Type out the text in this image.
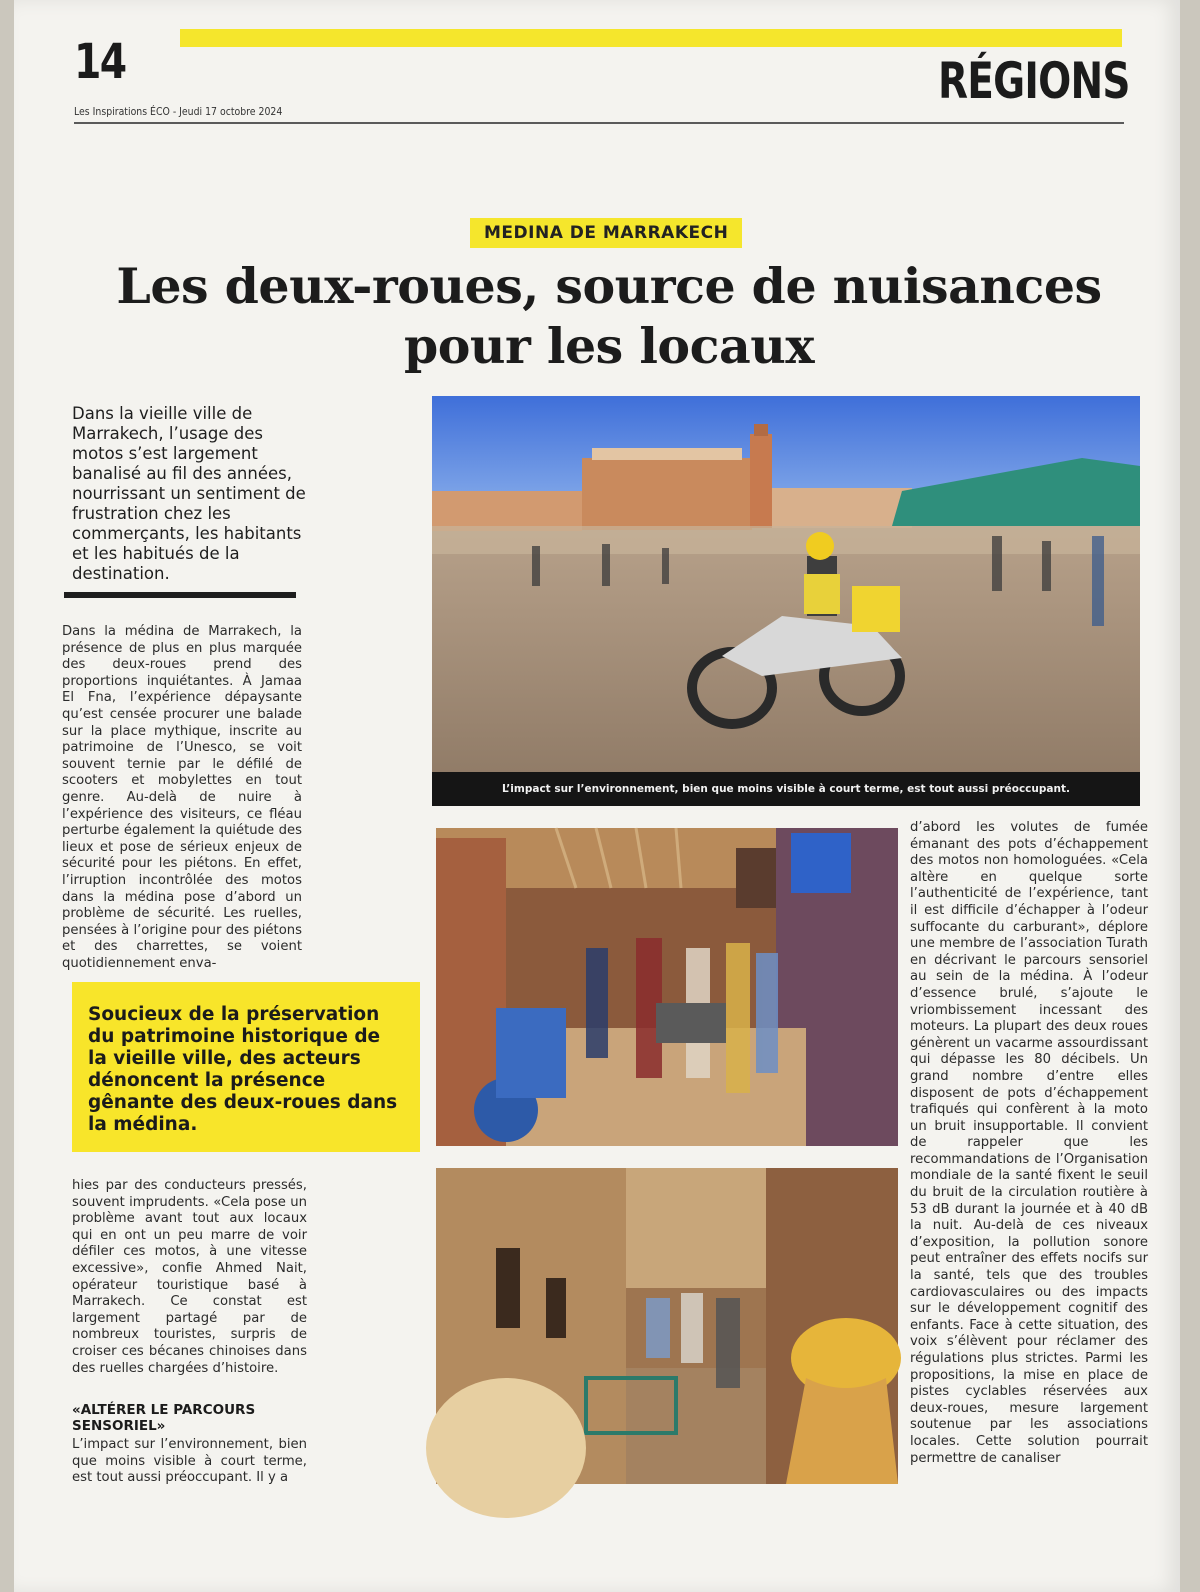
14	RÉGIONS
Les Inspirations ÉCO - Jeudi 17 octobre 2024
MEDINA DE MARRAKECH
Les deux-roues, source de nuisances pour les locaux
Dans la vieille ville de Marrakech, l’usage des motos s’est largement banalisé au fil des années, nourrissant un sentiment de frustration chez les commerçants, les habitants et les habitués de la destination.
Dans la médina de Marrakech, la présence de plus en plus marquée des deux-roues prend des proportions inquiétantes. À Jamaa El Fna, l’expérience dépaysante qu’est censée procurer une balade sur la place mythique, inscrite au patrimoine de l’Unesco, se voit souvent ternie par le défilé de scooters et mobylettes en tout genre. Au-delà de nuire à l’expérience des visiteurs, ce fléau perturbe également la quiétude des lieux et pose de sérieux enjeux de sécurité pour les piétons. En effet, l’irruption incontrôlée des motos dans la médina pose d’abord un problème de sécurité. Les ruelles, pensées à l’origine pour des piétons et des charrettes, se voient quotidiennement enva-

Soucieux de la préservation du patrimoine historique de la vieille ville, des acteurs dénoncent la présence gênante des deux-roues dans la médina.

hies par des conducteurs pressés, souvent imprudents. «Cela pose un problème avant tout aux locaux qui en ont un peu marre de voir défiler ces motos, à une vitesse excessive», confie Ahmed Nait, opérateur touristique basé à Marrakech. Ce constat est largement partagé par de nombreux touristes, surpris de croiser ces bécanes chinoises dans des ruelles chargées d’histoire.
«ALTÉRER LE PARCOURS SENSORIEL»
L’impact sur l’environnement, bien que moins visible à court terme, est tout aussi préoccupant. Il y a
d’abord les volutes de fumée émanant des pots d’échappement des motos non homologuées. «Cela altère en quelque sorte l’authenticité de l’expérience, tant il est difficile d’échapper à l’odeur suffocante du carburant», déplore une membre de l’association Turath en décrivant le parcours sensoriel au sein de la médina. À l’odeur d’essence brulé, s’ajoute le vriombissement incessant des moteurs. La plupart des deux roues génèrent un vacarme assourdissant qui dépasse les 80 décibels. Un grand nombre d’entre elles disposent de pots d’échappement trafiqués qui confèrent à la moto un bruit insupportable. Il convient de rappeler que les recommandations de l’Organisation mondiale de la santé fixent le seuil du bruit de la circulation routière à 53 dB durant la journée et à 40 dB la nuit. Au-delà de ces niveaux d’exposition, la pollution sonore peut entraîner des effets nocifs sur la santé, tels que des troubles cardiovasculaires ou des impacts sur le développement cognitif des enfants. Face à cette situation, des voix s’élèvent pour réclamer des régulations plus strictes. Parmi les propositions, la mise en place de pistes cyclables réservées aux deux-roues, mesure largement soutenue par les associations locales. Cette solution pourrait permettre de canaliser
L’impact sur l’environnement, bien que moins visible à court terme, est tout aussi préoccupant.
